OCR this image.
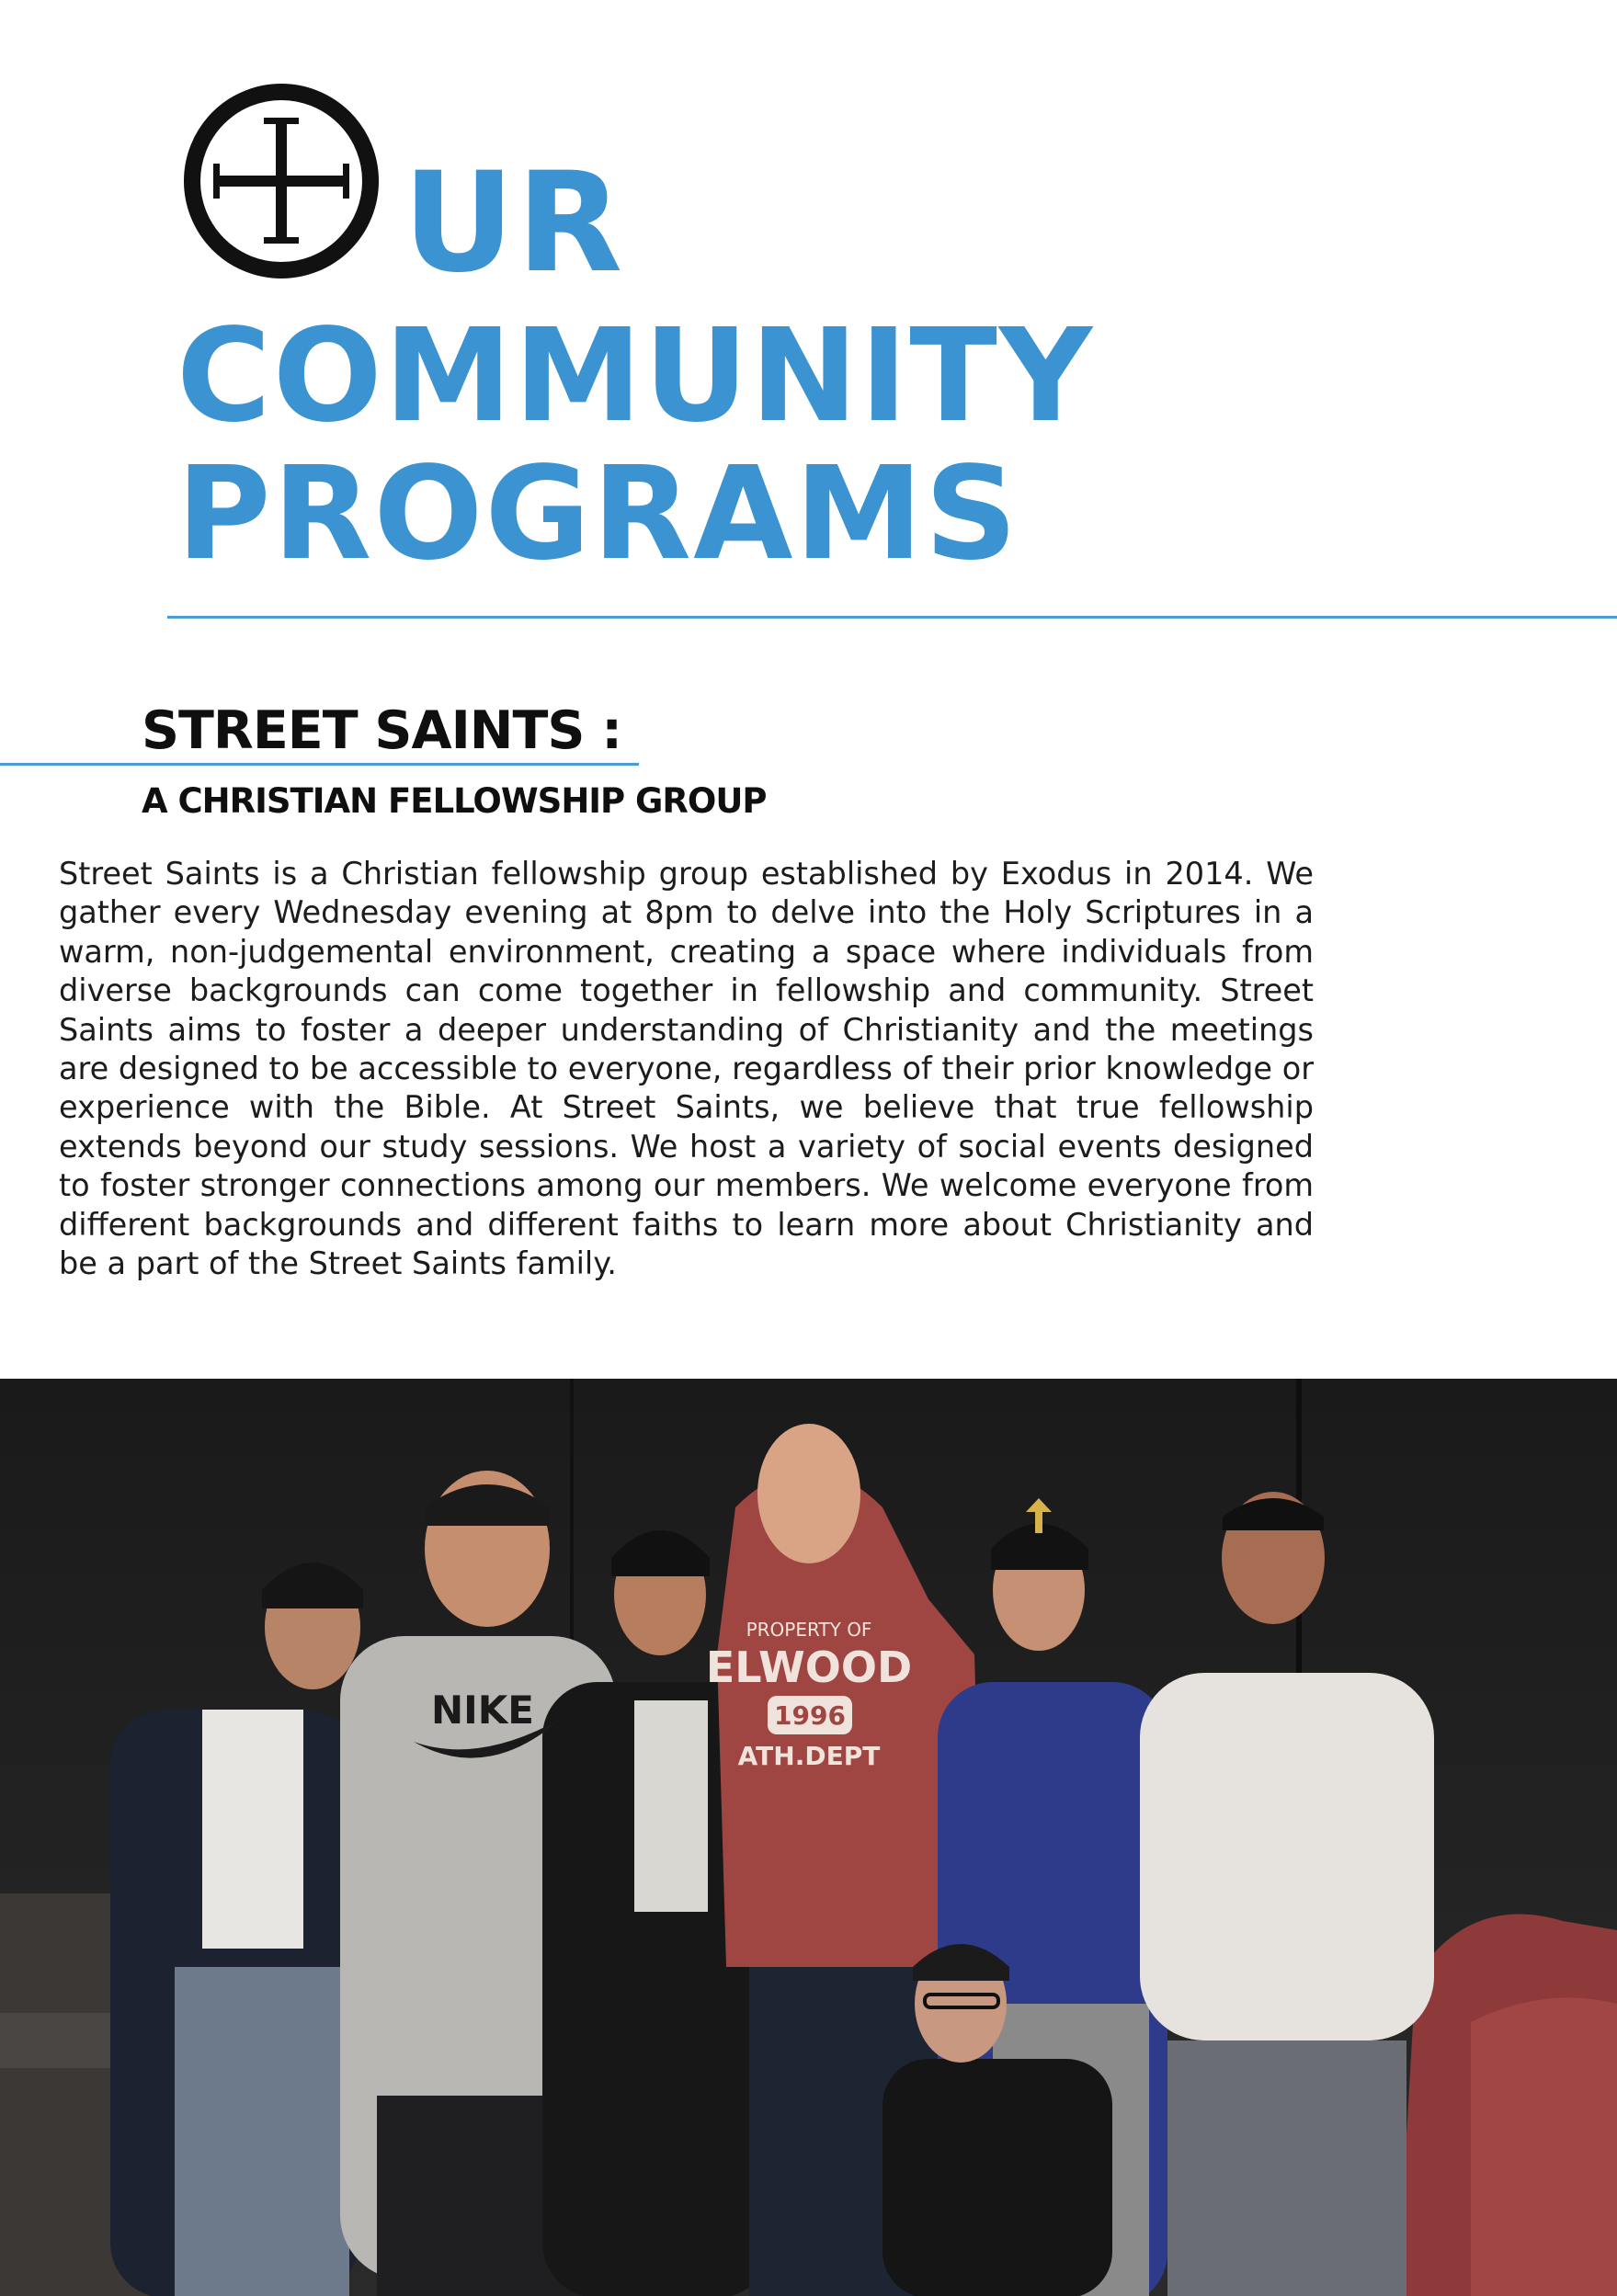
UR
COMMUNITY
PROGRAMS
STREET SAINTS :
A CHRISTIAN FELLOWSHIP GROUP

Street Saints is a Christian fellowship group established by Exodus in 2014. We gather every Wednesday evening at 8pm to delve into the Holy Scriptures in a warm, non-judgemental environment, creating a space where individuals from diverse backgrounds can come together in fellowship and community. Street Saints aims to foster a deeper understanding of Christianity and the meetings are designed to be accessible to everyone, regardless of their prior knowledge or experience with the Bible. At Street Saints, we believe that true fellowship extends beyond our study sessions. We host a variety of social events designed to foster stronger connections among our members. We welcome everyone from different backgrounds and different faiths to learn more about Christianity and be a part of the Street Saints family.

PROPERTY OF
ELWOOD
1996
ATH.DEPT
NIKE
